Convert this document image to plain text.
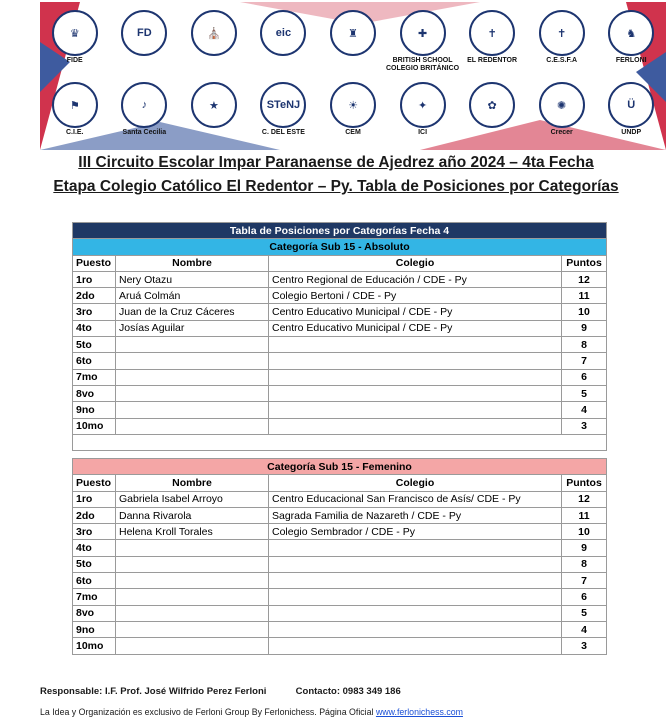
♛
FIDE
FD	⛪	eic	♜	✚
BRITISH SCHOOL
COLEGIO BRITÁNICO
✝
EL REDENTOR
✝
C.E.S.F.A
♞
FERLONI
⚑
C.I.E.
♪
Santa Cecilia
★	STeNJ
C. DEL ESTE
☀
CEM
✦
ICI
✿	✺
Crecer
Ü
UNDP
III Circuito Escolar Impar Paranaense de Ajedrez año 2024 – 4ta Fecha
Etapa Colegio Católico El Redentor – Py. Tabla de Posiciones por Categorías
Tabla de Posiciones por Categorías Fecha 4			
Categoría Sub 15 - Absoluto			
Puesto	Nombre	Colegio	Puntos
1ro	Nery Otazu	Centro Regional de Educación / CDE - Py	12
2do	Aruá Colmán	Colegio Bertoni / CDE - Py	11
3ro	Juan de la Cruz Cáceres	Centro Educativo Municipal / CDE - Py	10
4to	Josías Aguilar	Centro Educativo Municipal / CDE - Py	9
5to			8
6to			7
7mo			6
8vo			5
9no			4
10mo			3

Categoría Sub 15 - Femenino			
Puesto	Nombre	Colegio	Puntos
1ro	Gabriela Isabel Arroyo	Centro Educacional San Francisco de Asís/ CDE - Py	12
2do	Danna Rivarola	Sagrada Familia de Nazareth / CDE - Py	11
3ro	Helena Kroll Torales	Colegio Sembrador / CDE - Py	10
4to			9
5to			8
6to			7
7mo			6
8vo			5
9no			4
10mo			3
Responsable: I.F. Prof. José Wilfrido Perez Ferloni	Contacto: 0983 349 186
La Idea y Organización es exclusivo de Ferloni Group By Ferlonichess. Página Oficial www.ferlonichess.com
